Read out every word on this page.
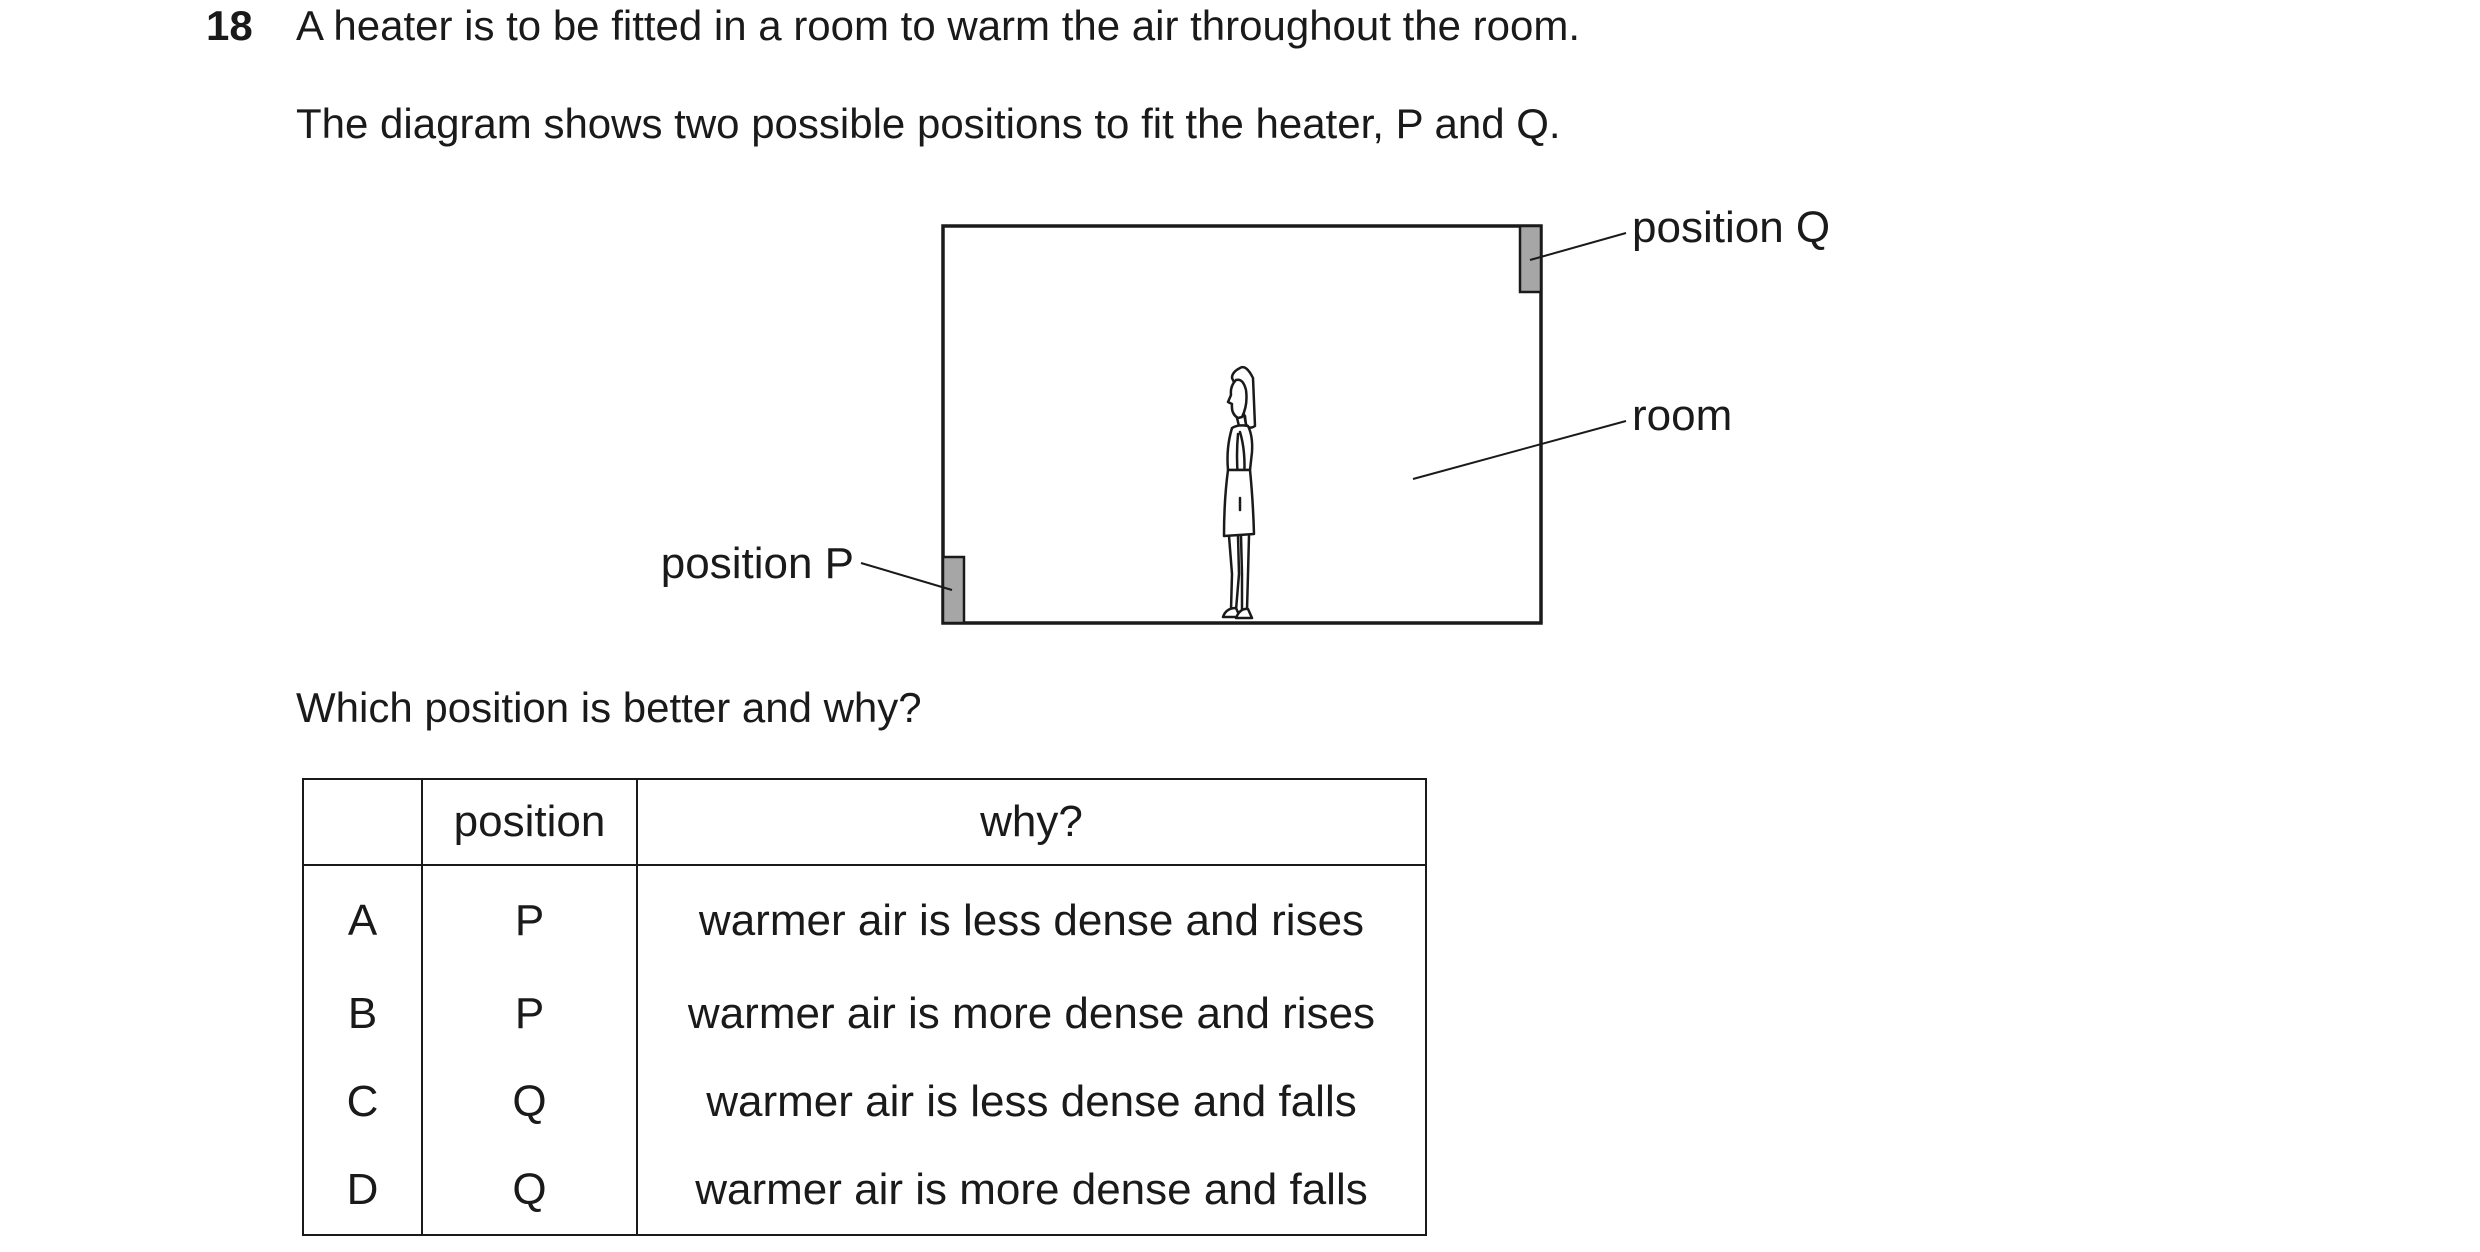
18 A heater is to be fitted in a room to warm the air throughout the room.
The diagram shows two possible positions to fit the heater, P and Q.
position Q
room
position P
Which position is better and why?
	position	why?
A	P	warmer air is less dense and rises
B	P	warmer air is more dense and rises
C	Q	warmer air is less dense and falls
D	Q	warmer air is more dense and falls
